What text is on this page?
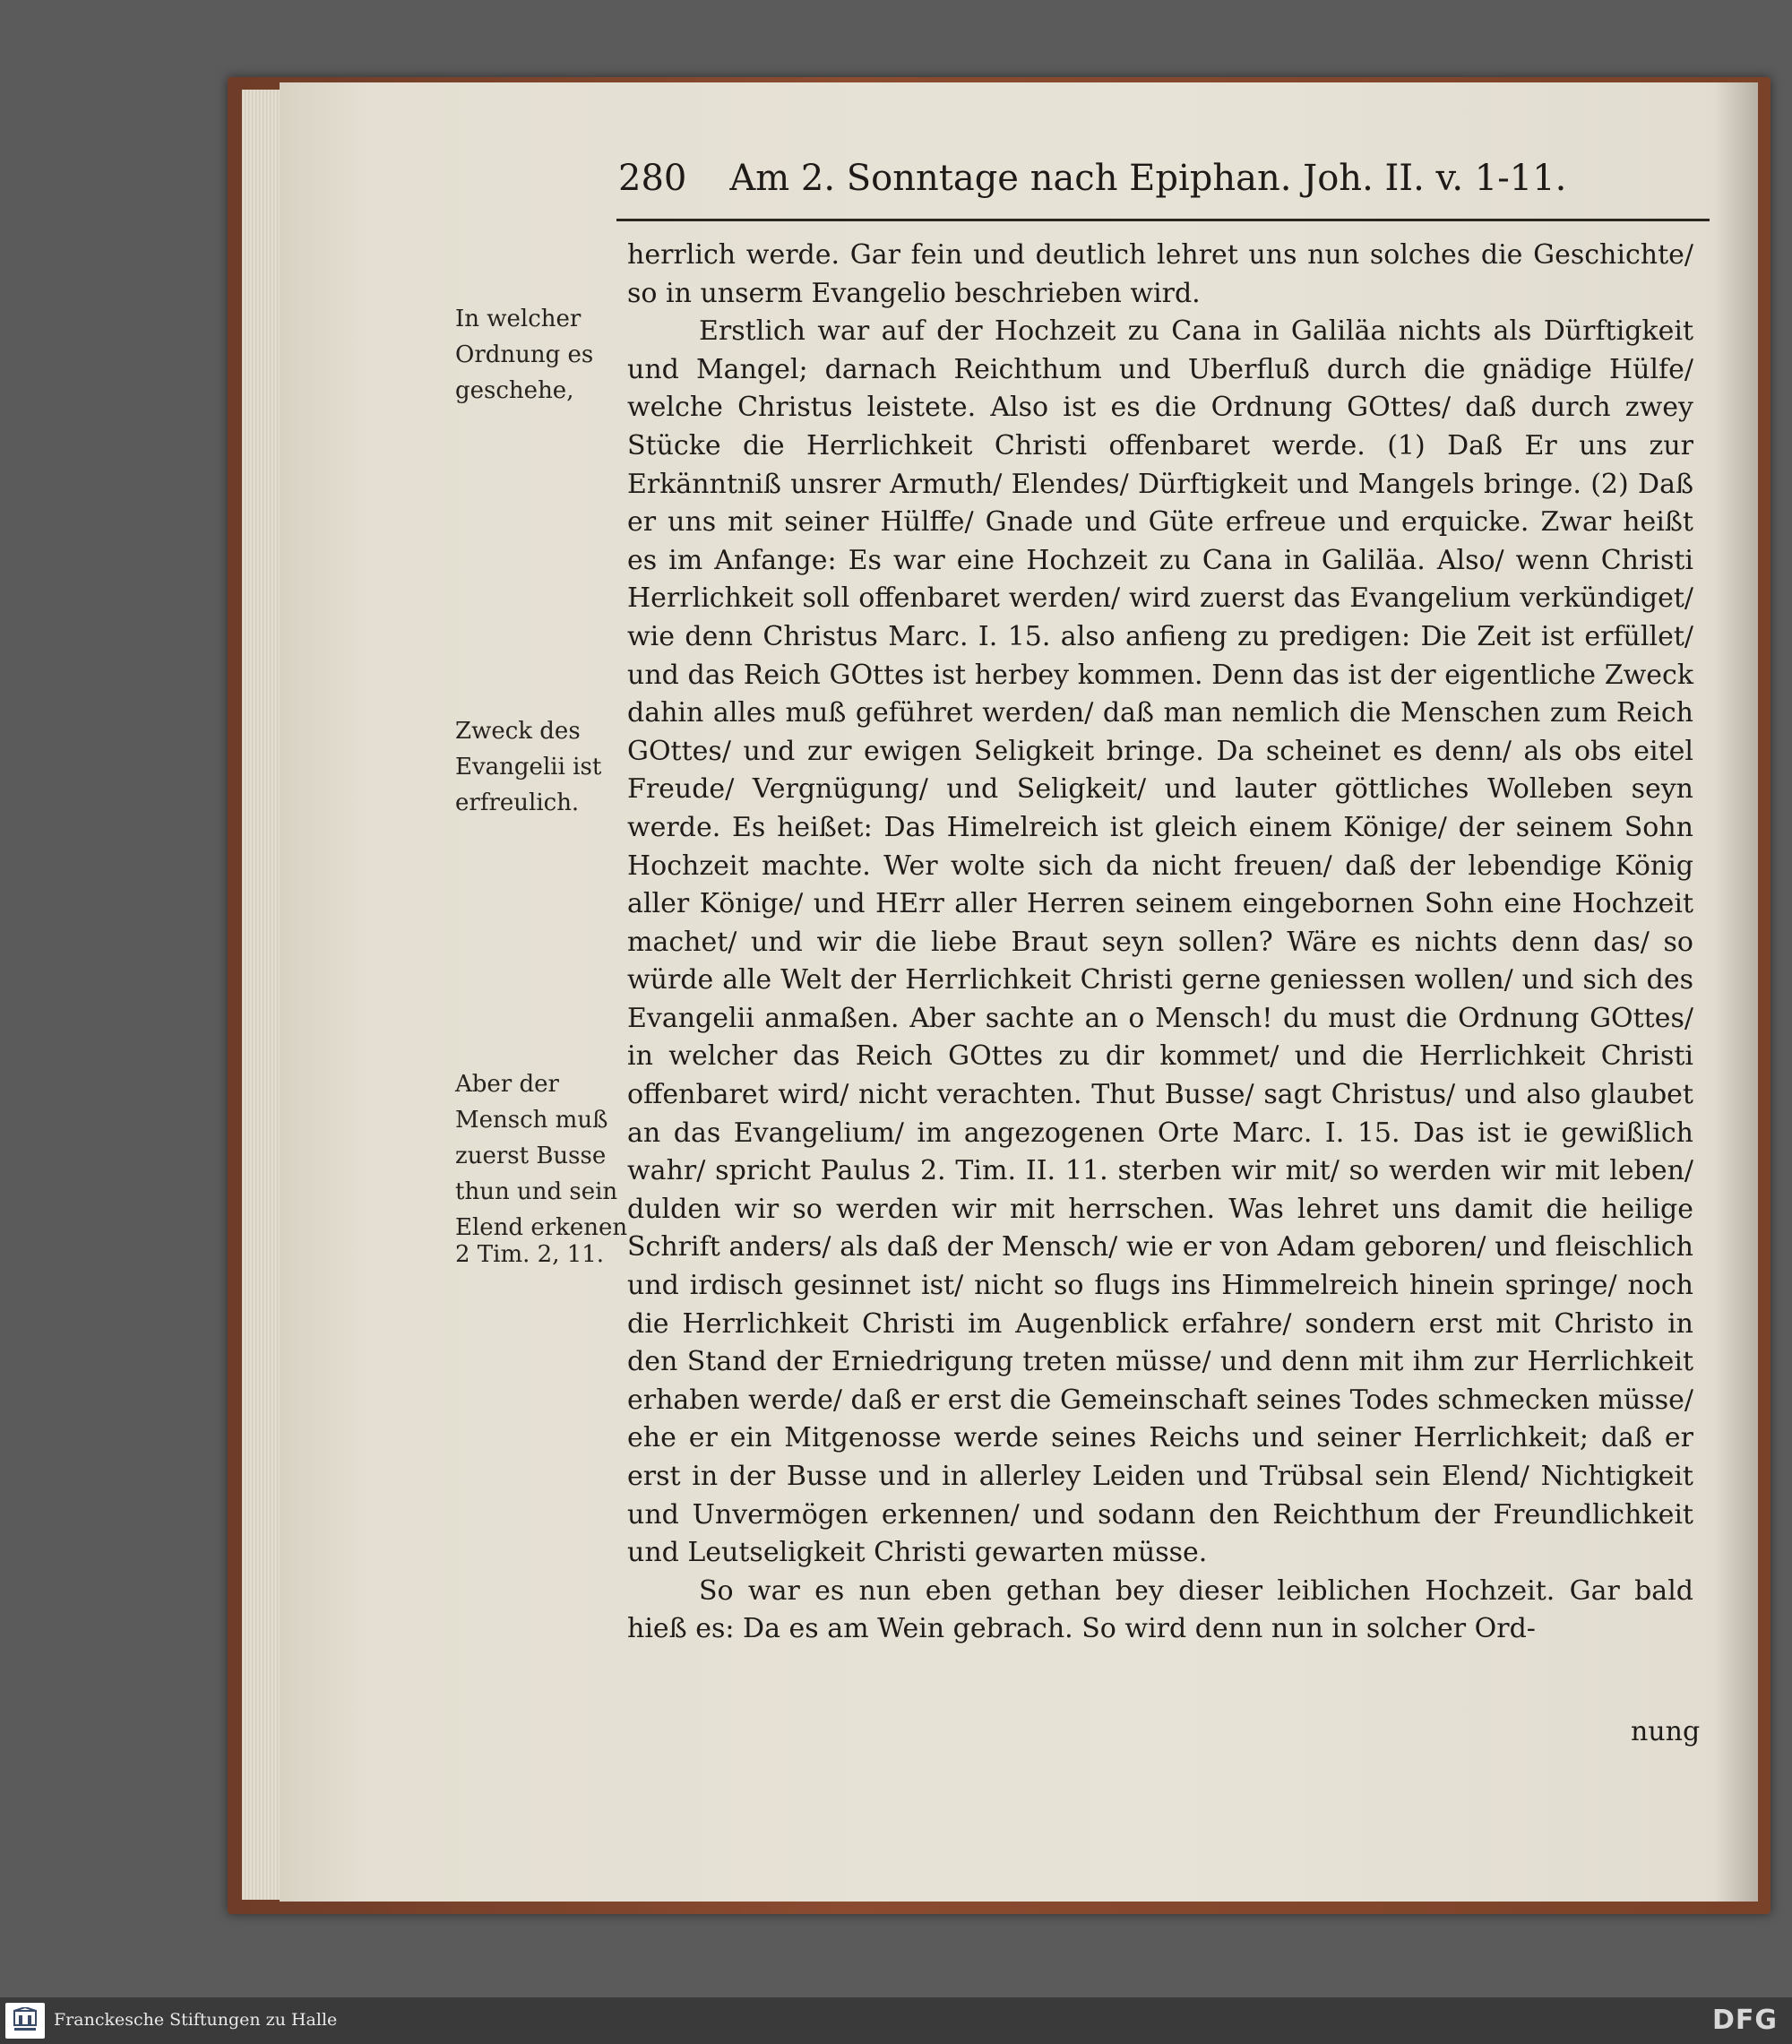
280 Am 2. Sonntage nach Epiphan. Joh. II. v. 1-11.
In welcher Ordnung es geschehe,
Zweck des Evangelii ist erfreulich.
Aber der Mensch muß zuerst Busse thun und sein Elend erkenen
2 Tim. 2, 11.

herrlich werde. Gar fein und deutlich lehret uns nun solches die Geschichte/ so in unserm Evangelio beschrieben wird.

Erstlich war auf der Hochzeit zu Cana in Galiläa nichts als Dürftigkeit und Mangel; darnach Reichthum und Uberfluß durch die gnädige Hülfe/ welche Christus leistete. Also ist es die Ordnung GOttes/ daß durch zwey Stücke die Herrlichkeit Christi offenbaret werde. (1) Daß Er uns zur Erkänntniß unsrer Armuth/ Elendes/ Dürftigkeit und Mangels bringe. (2) Daß er uns mit seiner Hülffe/ Gnade und Güte erfreue und erquicke. Zwar heißt es im Anfange: Es war eine Hochzeit zu Cana in Galiläa. Also/ wenn Christi Herrlichkeit soll offenbaret werden/ wird zuerst das Evangelium verkündiget/ wie denn Christus Marc. I. 15. also anfieng zu predigen: Die Zeit ist erfüllet/ und das Reich GOttes ist herbey kommen. Denn das ist der eigentliche Zweck dahin alles muß geführet werden/ daß man nemlich die Menschen zum Reich GOttes/ und zur ewigen Seligkeit bringe. Da scheinet es denn/ als obs eitel Freude/ Vergnügung/ und Seligkeit/ und lauter göttliches Wolleben seyn werde. Es heißet: Das Himelreich ist gleich einem Könige/ der seinem Sohn Hochzeit machte. Wer wolte sich da nicht freuen/ daß der lebendige König aller Könige/ und HErr aller Herren seinem eingebornen Sohn eine Hochzeit machet/ und wir die liebe Braut seyn sollen? Wäre es nichts denn das/ so würde alle Welt der Herrlichkeit Christi gerne geniessen wollen/ und sich des Evangelii anmaßen. Aber sachte an o Mensch! du must die Ordnung GOttes/ in welcher das Reich GOttes zu dir kommet/ und die Herrlichkeit Christi offenbaret wird/ nicht verachten. Thut Busse/ sagt Christus/ und also glaubet an das Evangelium/ im angezogenen Orte Marc. I. 15. Das ist ie gewißlich wahr/ spricht Paulus 2. Tim. II. 11. sterben wir mit/ so werden wir mit leben/ dulden wir so werden wir mit herrschen. Was lehret uns damit die heilige Schrift anders/ als daß der Mensch/ wie er von Adam geboren/ und fleischlich und irdisch gesinnet ist/ nicht so flugs ins Himmelreich hinein springe/ noch die Herrlichkeit Christi im Augenblick erfahre/ sondern erst mit Christo in den Stand der Erniedrigung treten müsse/ und denn mit ihm zur Herrlichkeit erhaben werde/ daß er erst die Gemeinschaft seines Todes schmecken müsse/ ehe er ein Mitgenosse werde seines Reichs und seiner Herrlichkeit; daß er erst in der Busse und in allerley Leiden und Trübsal sein Elend/ Nichtigkeit und Unvermögen erkennen/ und sodann den Reichthum der Freundlichkeit und Leutseligkeit Christi gewarten müsse.

So war es nun eben gethan bey dieser leiblichen Hochzeit. Gar bald hieß es: Da es am Wein gebrach. So wird denn nun in solcher Ord-

nung
Franckesche Stiftungen zu Halle	DFG
